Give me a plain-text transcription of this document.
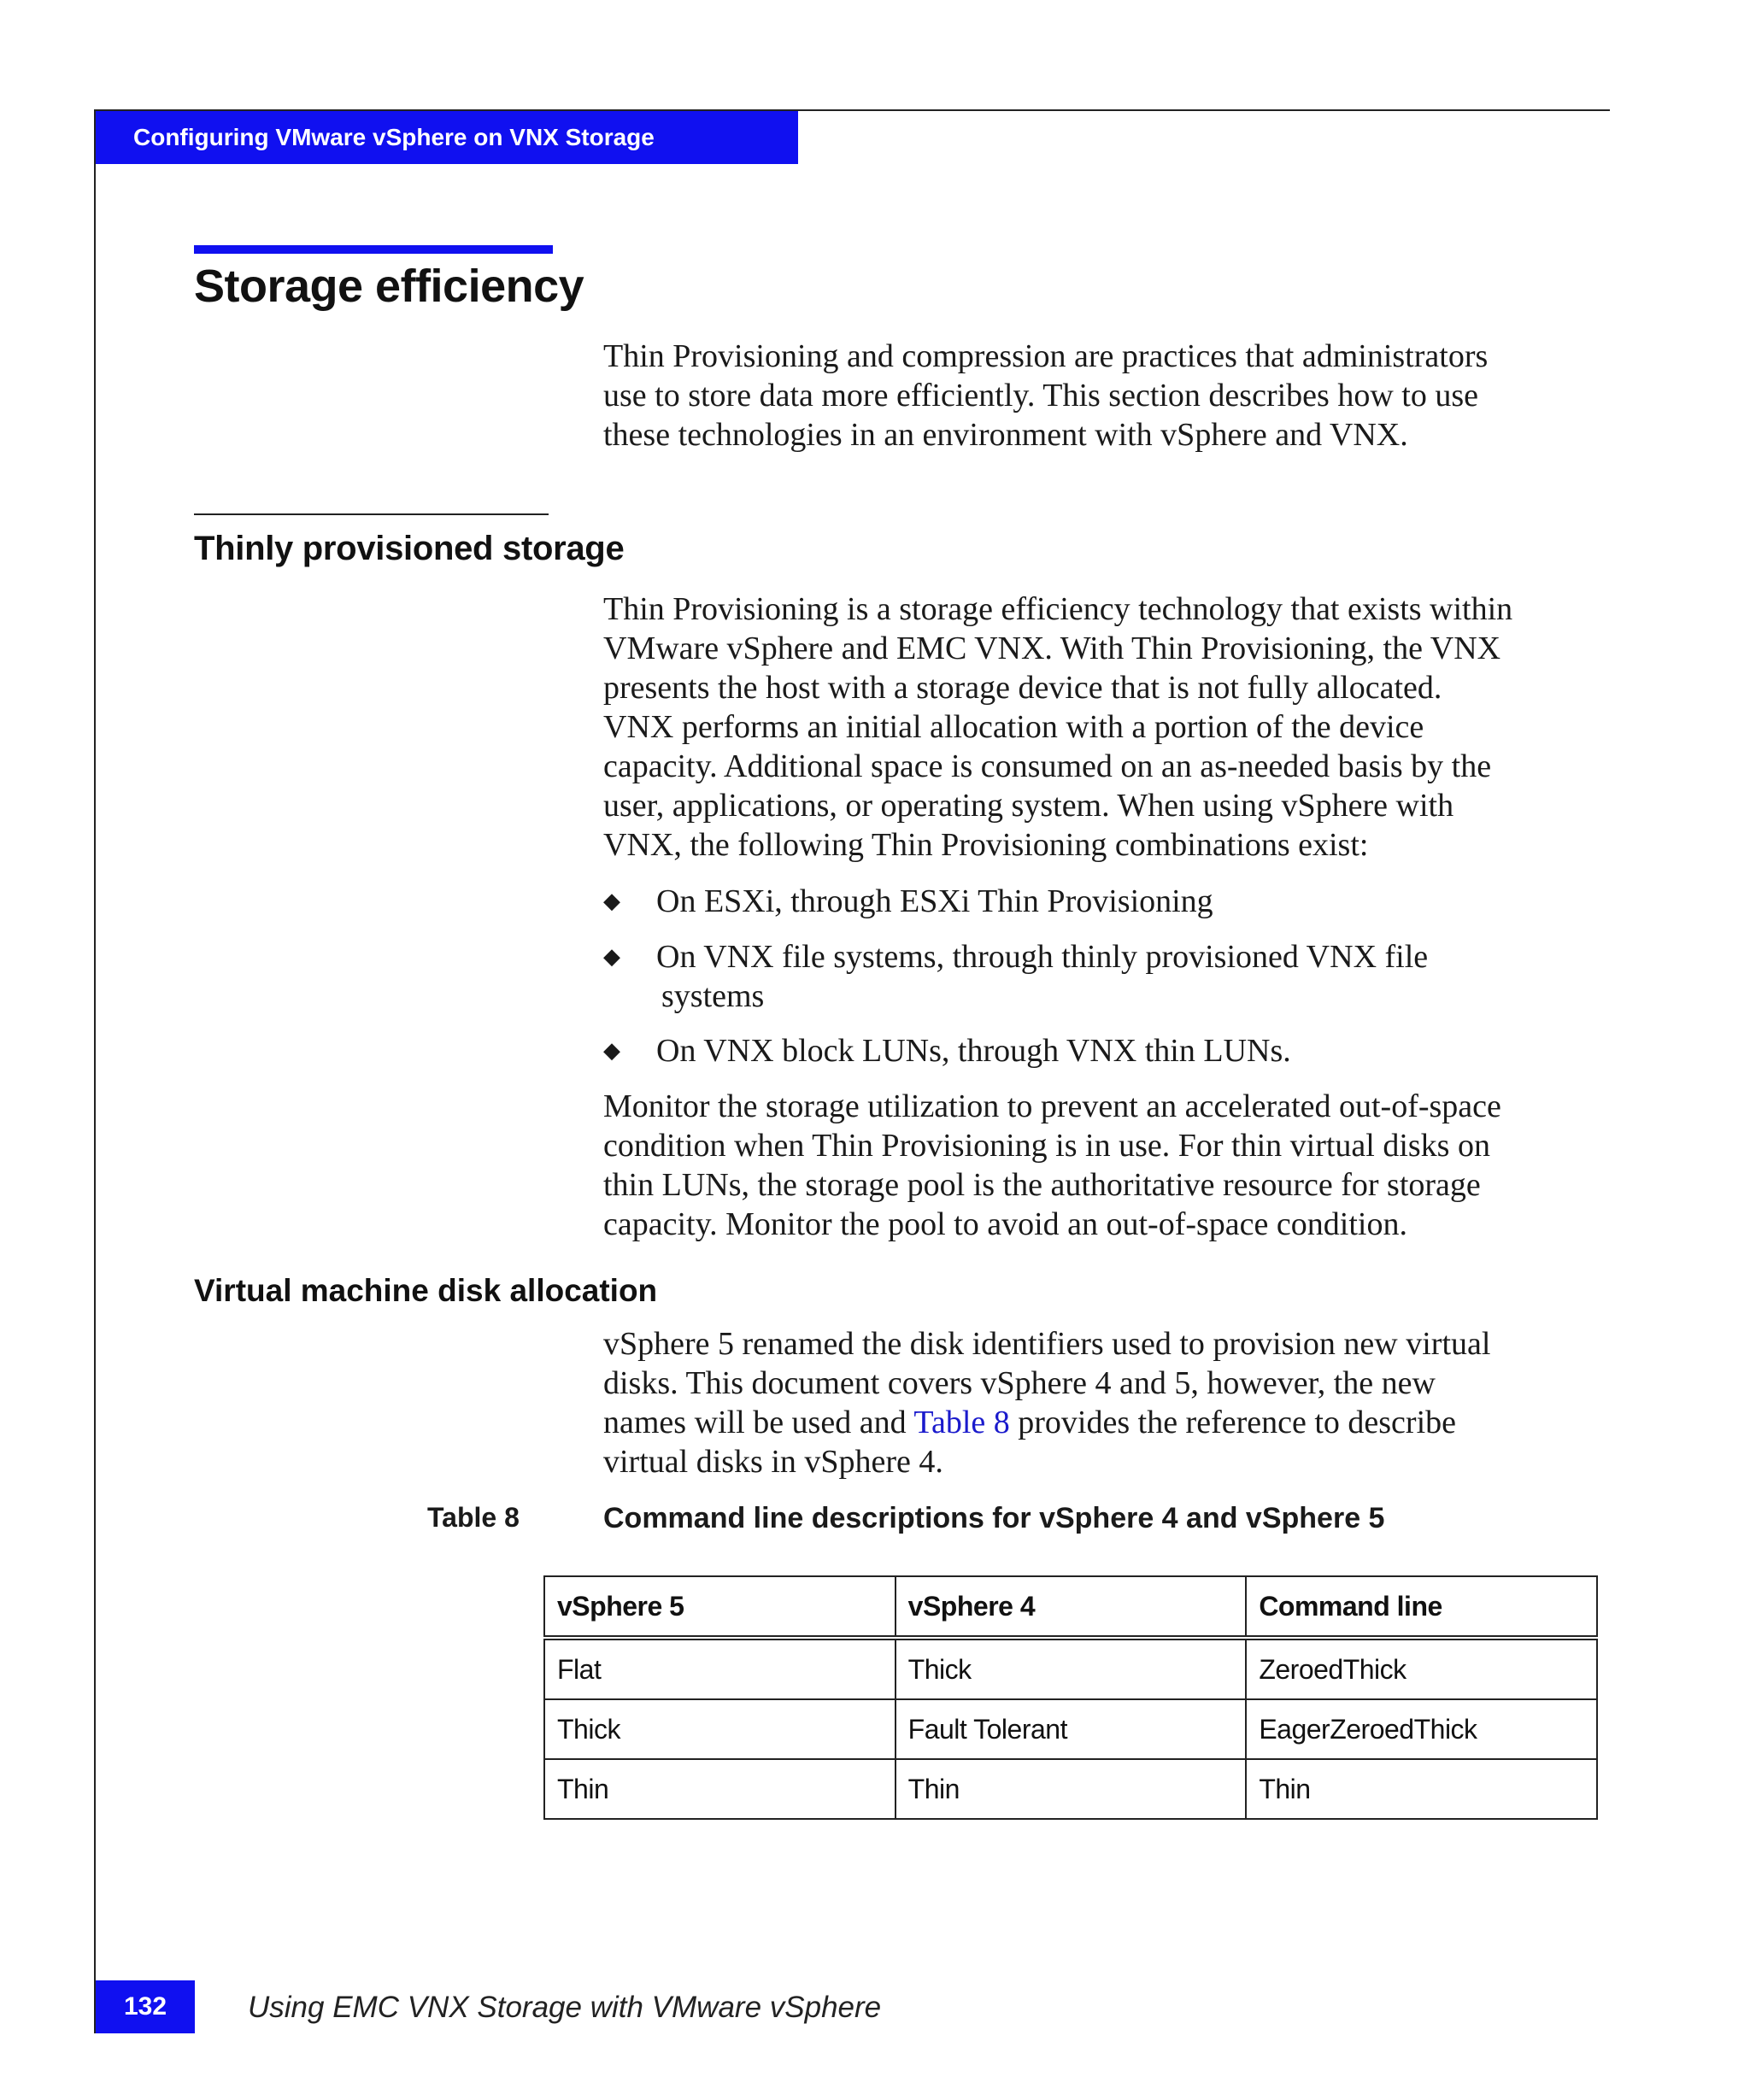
Configuring VMware vSphere on VNX Storage
Storage efficiency
Thin Provisioning and compression are practices that administrators
use to store data more efficiently. This section describes how to use
these technologies in an environment with vSphere and VNX.
Thinly provisioned storage
Thin Provisioning is a storage efficiency technology that exists within
VMware vSphere and EMC VNX. With Thin Provisioning, the VNX
presents the host with a storage device that is not fully allocated.
VNX performs an initial allocation with a portion of the device
capacity. Additional space is consumed on an as-needed basis by the
user, applications, or operating system. When using vSphere with
VNX, the following Thin Provisioning combinations exist:
◆ On ESXi, through ESXi Thin Provisioning
◆ On VNX file systems, through thinly provisioned VNX file
systems
◆ On VNX block LUNs, through VNX thin LUNs.
Monitor the storage utilization to prevent an accelerated out-of-space
condition when Thin Provisioning is in use. For thin virtual disks on
thin LUNs, the storage pool is the authoritative resource for storage
capacity. Monitor the pool to avoid an out-of-space condition.
Virtual machine disk allocation
vSphere 5 renamed the disk identifiers used to provision new virtual
disks. This document covers vSphere 4 and 5, however, the new
names will be used and Table 8 provides the reference to describe
virtual disks in vSphere 4.
Table 8	Command line descriptions for vSphere 4 and vSphere 5
vSphere 5	vSphere 4	Command line
Flat	Thick	ZeroedThick
Thick	Fault Tolerant	EagerZeroedThick
Thin	Thin	Thin
132	Using EMC VNX Storage with VMware vSphere
